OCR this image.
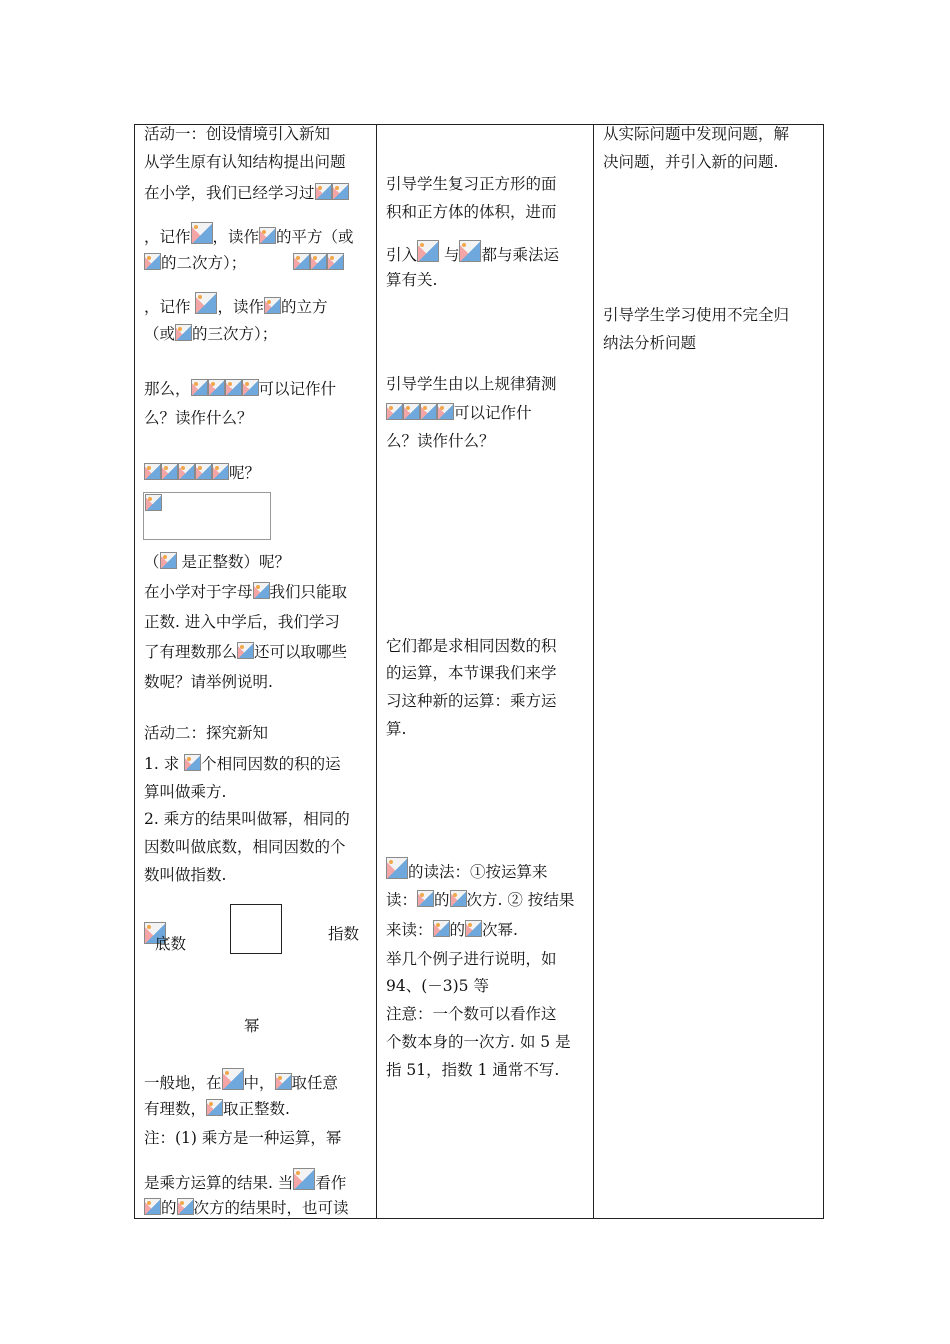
活动一：创设情境引入新知
从学生原有认知结构提出问题
在小学，我们已经学习过
，记作 ，读作 的平方（或
的二次方）；
，记作 ，读作 的立方
（或 的三次方）；
那么，	可以记作什
么？读作什么？
呢？
（ 是正整数）呢？
在小学对于字母 我们只能取
正数. 进入中学后，我们学习
了有理数那么 还可以取哪些
数呢？请举例说明.
活动二：探究新知
1. 求 个相同因数的积的运
算叫做乘方.
2. 乘方的结果叫做幂，相同的
因数叫做底数，相同因数的个
数叫做指数.
底数
指数
幂
一般地，在 中， 取任意
有理数， 取正整数.
注：(1) 乘方是一种运算，幂
是乘方运算的结果. 当 看作
的 次方的结果时，也可读
引导学生复习正方形的面
积和正方体的体积，进而
引入 与 都与乘法运
算有关.
引导学生由以上规律猜测
可以记作什
么？读作什么？
它们都是求相同因数的积
的运算，本节课我们来学
习这种新的运算：乘方运
算.
的读法：①按运算来
读： 的 次方. ② 按结果
来读： 的 次幂.
举几个例子进行说明，如
94、(－3)5 等
注意：一个数可以看作这
个数本身的一次方. 如 5 是
指 51，指数 1 通常不写.
从实际问题中发现问题，解
决问题，并引入新的问题.
引导学生学习使用不完全归
纳法分析问题
